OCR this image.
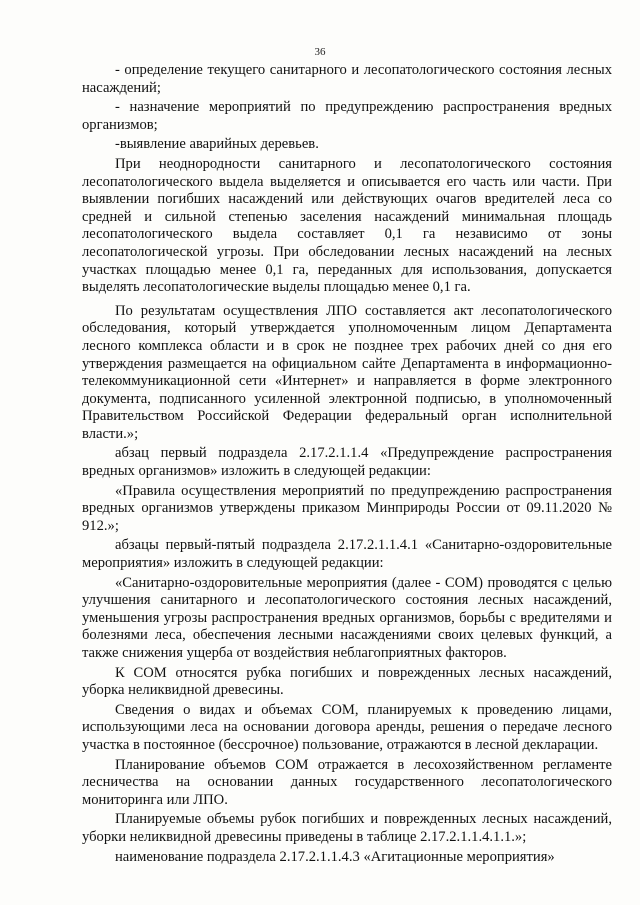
36

- определение текущего санитарного и лесопатологического состояния лесных насаждений;

- назначение мероприятий по предупреждению распространения вредных организмов;

-выявление аварийных деревьев.

При неоднородности санитарного и лесопатологического состояния лесопатологического выдела выделяется и описывается его часть или части. При выявлении погибших насаждений или действующих очагов вредителей леса со средней и сильной степенью заселения насаждений минимальная площадь лесопатологического выдела составляет 0,1 га независимо от зоны лесопатологической угрозы. При обследовании лесных насаждений на лесных участках площадью менее 0,1 га, переданных для использования, допускается выделять лесопатологические выделы площадью менее 0,1 га.

По результатам осуществления ЛПО составляется акт лесопатологического обследования, который утверждается уполномоченным лицом Департамента лесного комплекса области и в срок не позднее трех рабочих дней со дня его утверждения размещается на официальном сайте Департамента в информационно-телекоммуникационной сети «Интернет» и направляется в форме электронного документа, подписанного усиленной электронной подписью, в уполномоченный Правительством Российской Федерации федеральный орган исполнительной власти.»;

абзац первый подраздела 2.17.2.1.1.4 «Предупреждение распространения вредных организмов» изложить в следующей редакции:

«Правила осуществления мероприятий по предупреждению распространения вредных организмов утверждены приказом Минприроды России от 09.11.2020 № 912.»;

абзацы первый-пятый подраздела 2.17.2.1.1.4.1 «Санитарно-оздоровительные мероприятия» изложить в следующей редакции:

«Санитарно-оздоровительные мероприятия (далее - СОМ) проводятся с целью улучшения санитарного и лесопатологического состояния лесных насаждений, уменьшения угрозы распространения вредных организмов, борьбы с вредителями и болезнями леса, обеспечения лесными насаждениями своих целевых функций, а также снижения ущерба от воздействия неблагоприятных факторов.

К СОМ относятся рубка погибших и поврежденных лесных насаждений, уборка неликвидной древесины.

Сведения о видах и объемах СОМ, планируемых к проведению лицами, использующими леса на основании договора аренды, решения о передаче лесного участка в постоянное (бессрочное) пользование, отражаются в лесной декларации.

Планирование объемов СОМ отражается в лесохозяйственном регламенте лесничества на основании данных государственного лесопатологического мониторинга или ЛПО.

Планируемые объемы рубок погибших и поврежденных лесных насаждений, уборки неликвидной древесины приведены в таблице 2.17.2.1.1.4.1.1.»;

наименование подраздела 2.17.2.1.1.4.3 «Агитационные мероприятия»
